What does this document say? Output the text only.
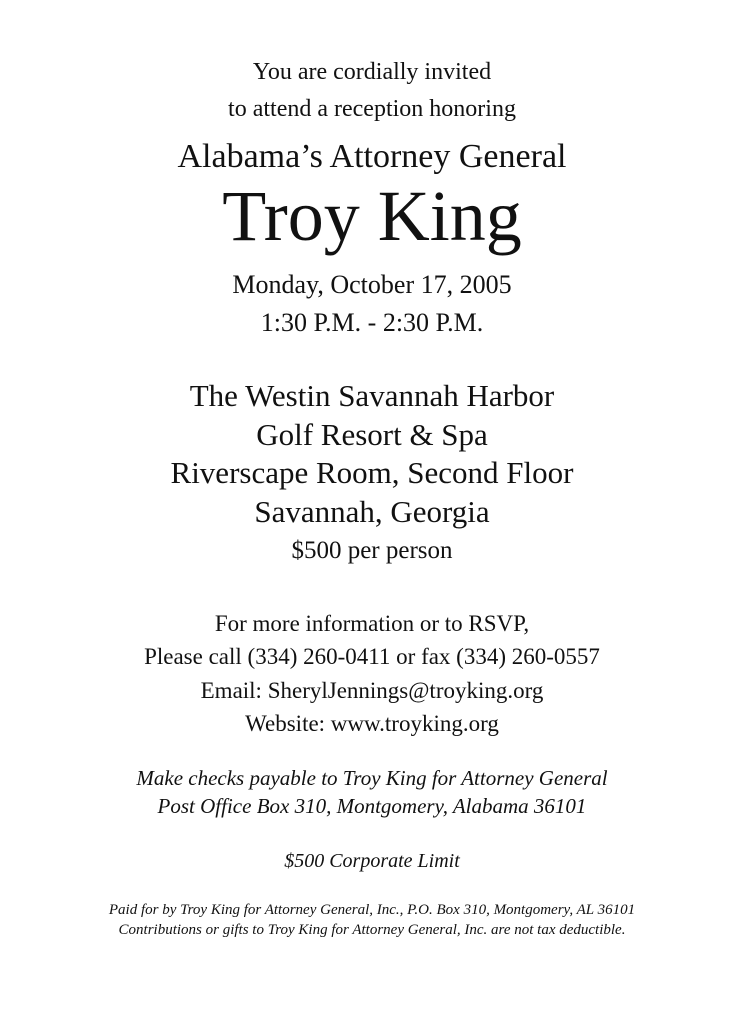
You are cordially invited
to attend a reception honoring
Alabama’s Attorney General
Troy King
Monday, October 17, 2005
1:30 P.M. - 2:30 P.M.
The Westin Savannah Harbor
Golf Resort & Spa
Riverscape Room, Second Floor
Savannah, Georgia
$500 per person
For more information or to RSVP,
Please call (334) 260-0411 or fax (334) 260-0557
Email: SherylJennings@troyking.org
Website: www.troyking.org
Make checks payable to Troy King for Attorney General
Post Office Box 310, Montgomery, Alabama 36101
$500 Corporate Limit
Paid for by Troy King for Attorney General, Inc., P.O. Box 310, Montgomery, AL 36101
Contributions or gifts to Troy King for Attorney General, Inc. are not tax deductible.
